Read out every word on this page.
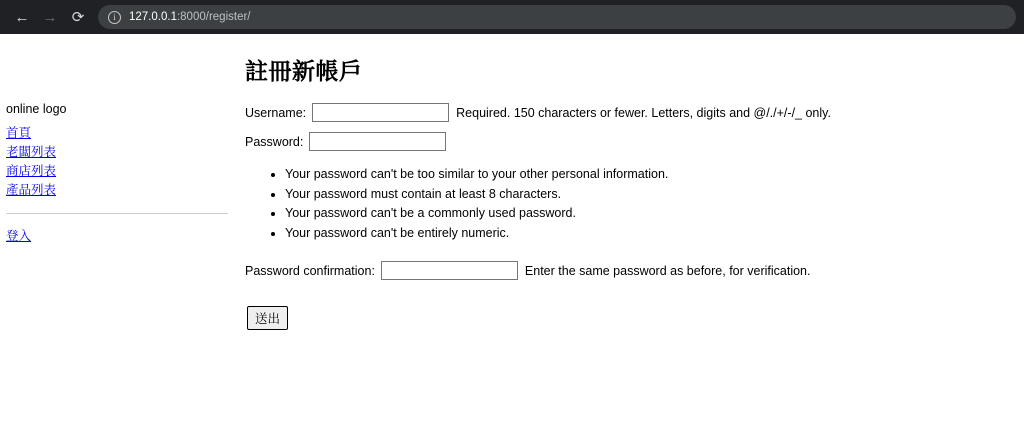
← → ⟳	i	127.0.0.1 :8000/register/
online logo
首頁
老闆列表
商店列表
產品列表
登入
註冊新帳戶
Username:	Required. 150 characters or fewer. Letters, digits and @/./+/-/_ only.
Password:
• Your password can't be too similar to your other personal information.
• Your password must contain at least 8 characters.
• Your password can't be a commonly used password.
• Your password can't be entirely numeric.
Password confirmation:	Enter the same password as before, for verification.
送出
